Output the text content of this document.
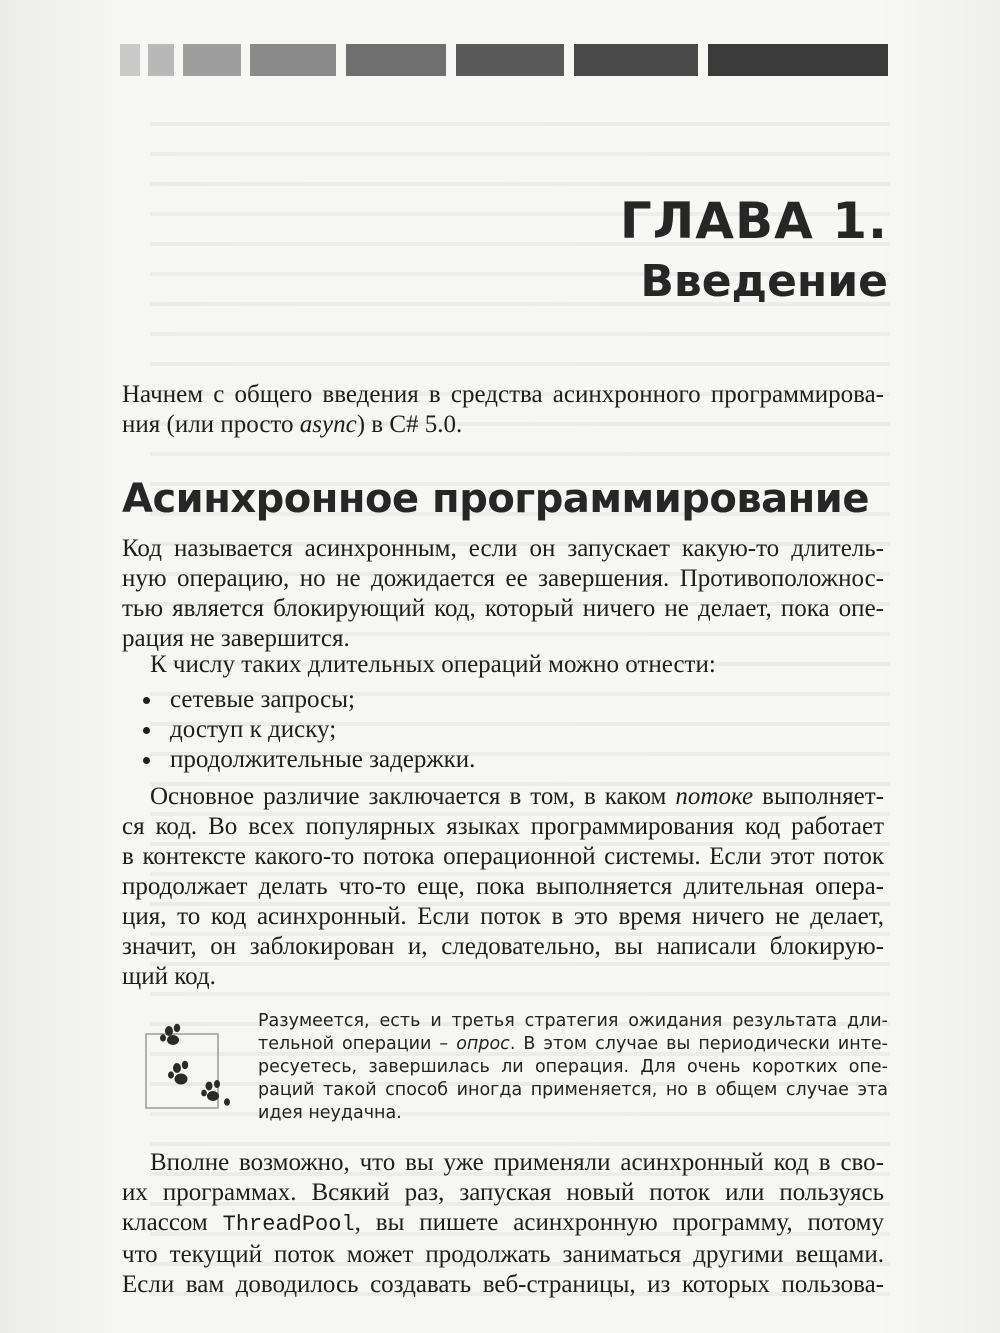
ГЛАВА 1.
Введение
Начнем с общего введения в средства асинхронного программирова-
ния (или просто async) в C# 5.0.
Асинхронное программирование
Код называется асинхронным, если он запускает какую-то длитель-
ную операцию, но не дожидается ее завершения. Противоположнос-
тью является блокирующий код, который ничего не делает, пока опе-
рация не завершится.
К числу таких длительных операций можно отнести:
сетевые запросы;
доступ к диску;
продолжительные задержки.
Основное различие заключается в том, в каком потоке выполняет-
ся код. Во всех популярных языках программирования код работает
в контексте какого-то потока операционной системы. Если этот поток
продолжает делать что-то еще, пока выполняется длительная опера-
ция, то код асинхронный. Если поток в это время ничего не делает,
значит, он заблокирован и, следовательно, вы написали блокирую-
щий код.
Разумеется, есть и третья стратегия ожидания результата дли-
тельной операции – опрос. В этом случае вы периодически инте-
ресуетесь, завершилась ли операция. Для очень коротких опе-
раций такой способ иногда применяется, но в общем случае эта
идея неудачна.
Вполне возможно, что вы уже применяли асинхронный код в сво-
их программах. Всякий раз, запуская новый поток или пользуясь
классом ThreadPool, вы пишете асинхронную программу, потому
что текущий поток может продолжать заниматься другими вещами.
Если вам доводилось создавать веб-страницы, из которых пользова-
